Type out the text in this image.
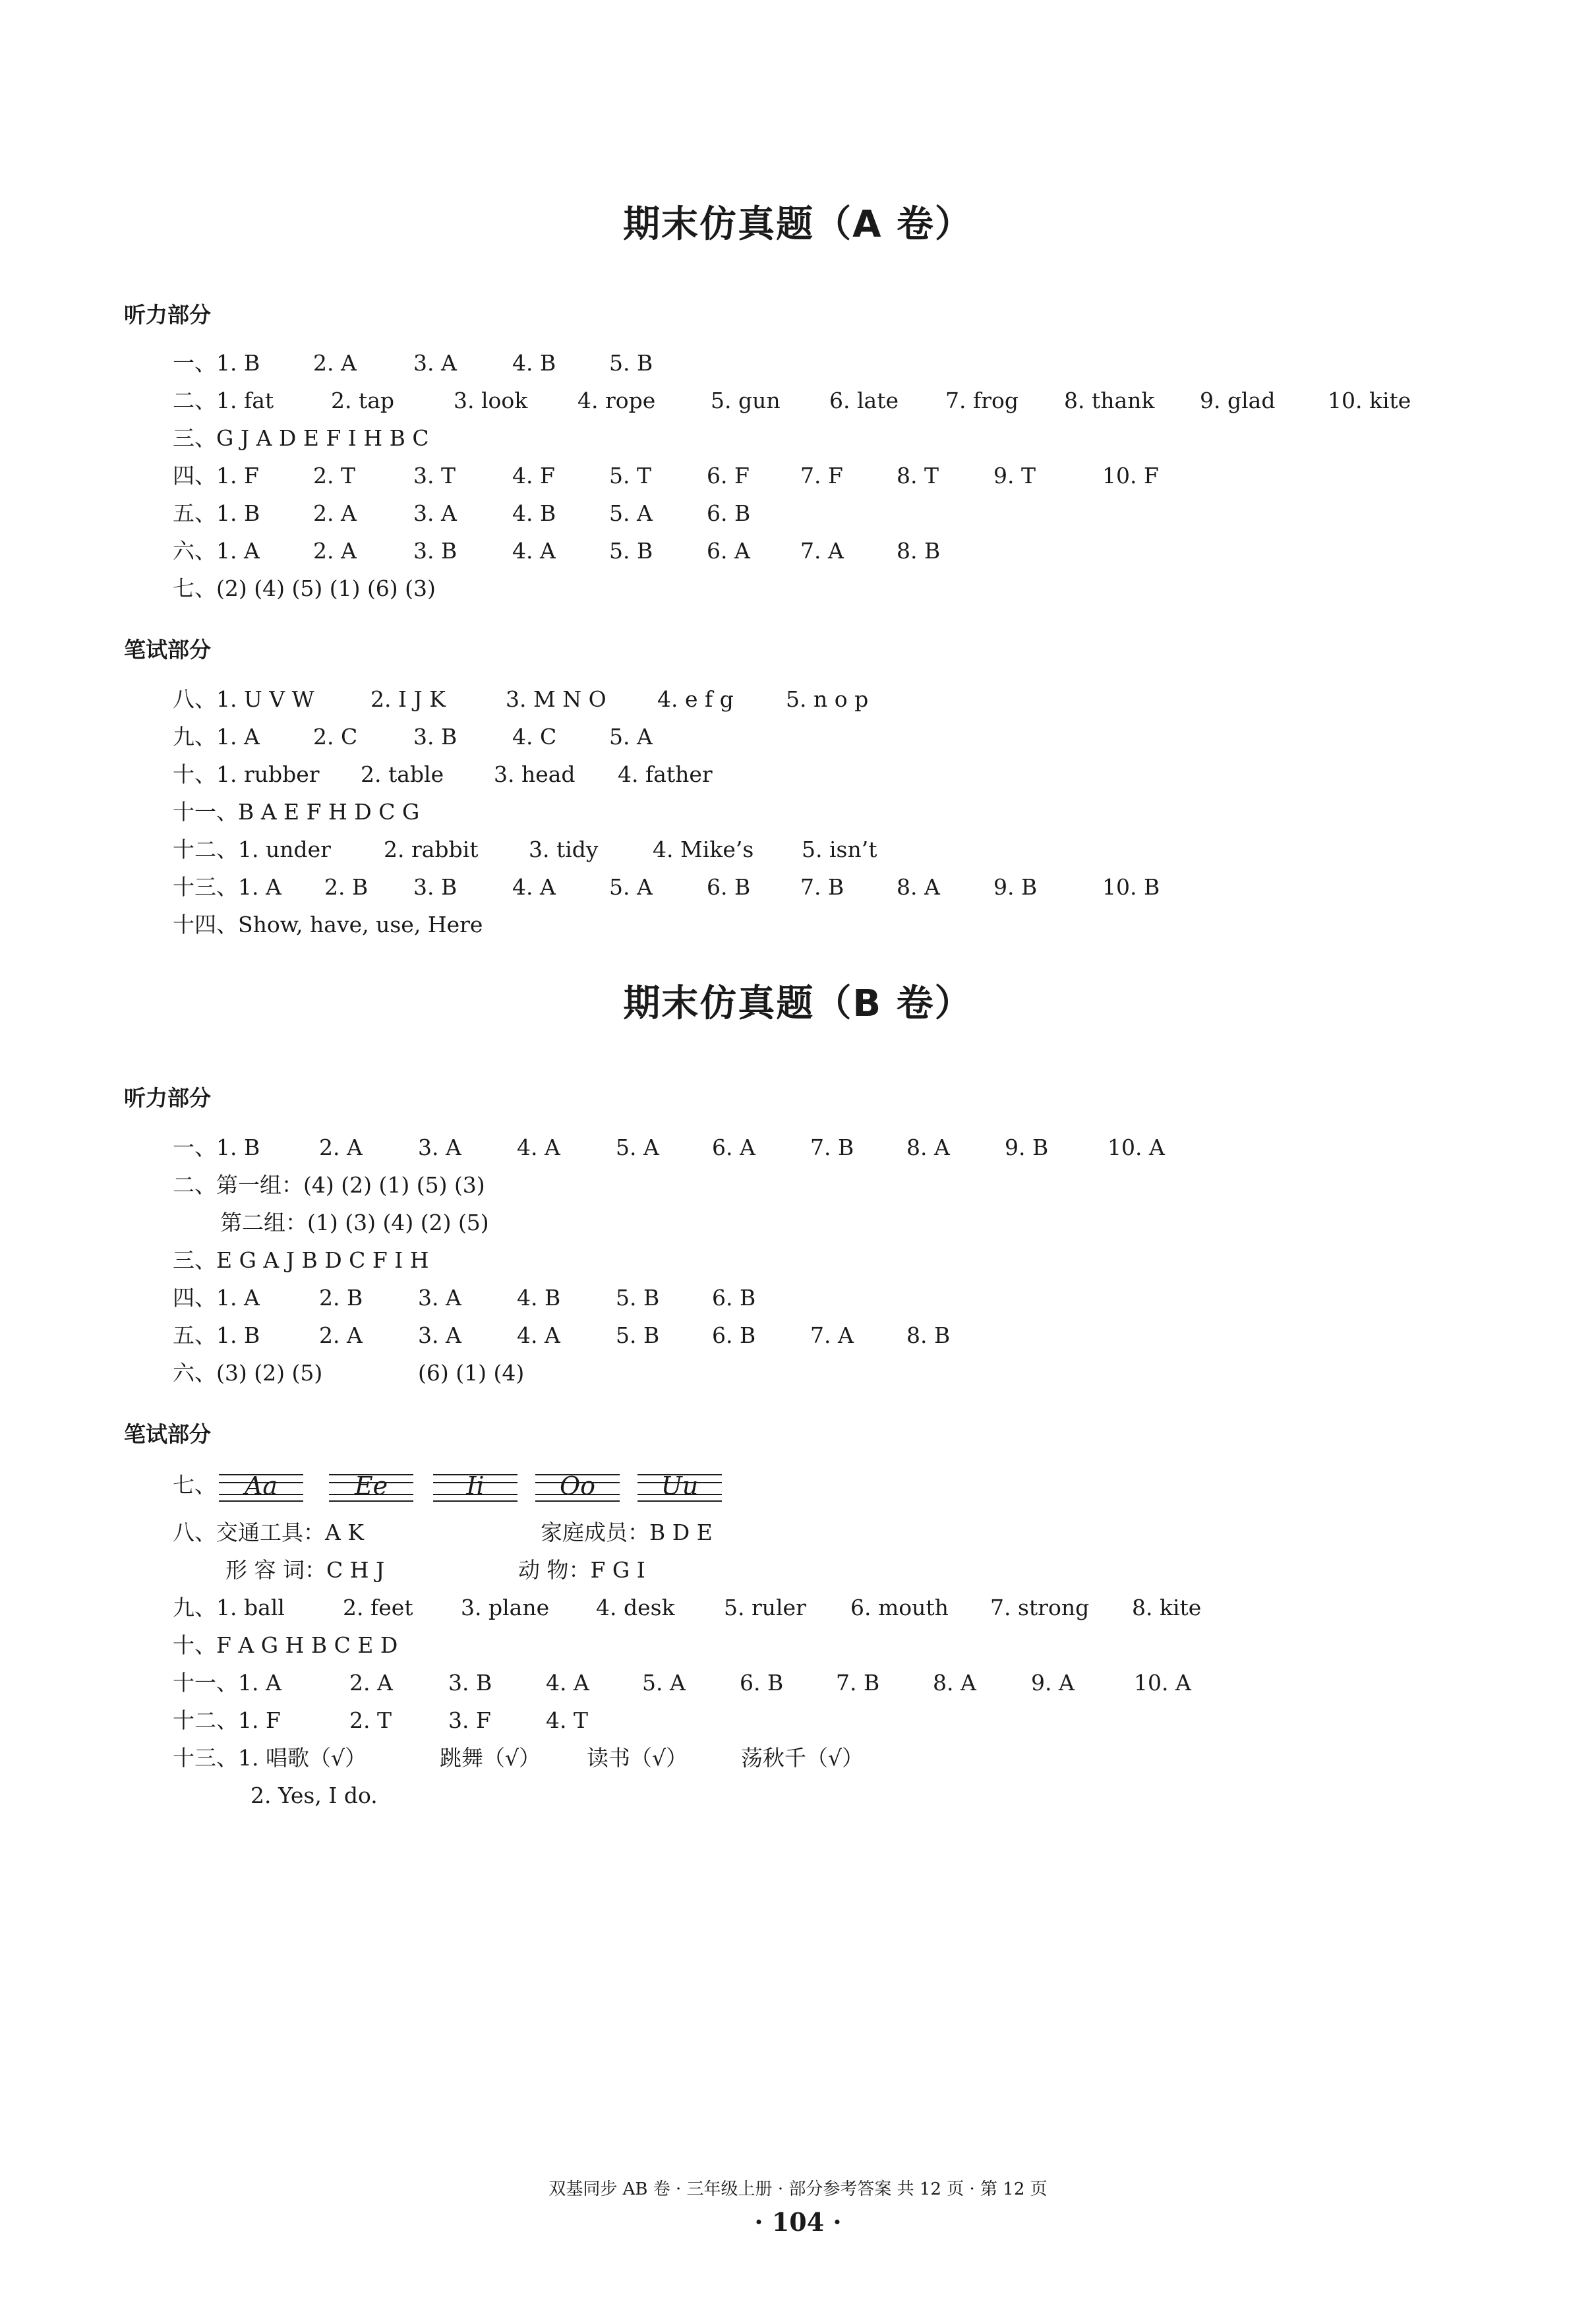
期末仿真题（A 卷）
听力部分
一、1. B 2. A	3. A	4. B 5. B
二、1. fat	2. tap	3. look 4. rope	5. gun 6. late 7. frog 8. thank 9. glad 10. kite
三、G J A D E F I H B C
四、1. F 2. T	3. T	4. F 5. T	6. F 7. F 8. T	9. T	10. F
五、1. B 2. A	3. A	4. B 5. A 6. B
六、1. A 2. A	3. B	4. A 5. B 6. A 7. A 8. B
七、(2) (4) (5) (1) (6) (3)
笔试部分
八、1. U V W	2. I J K	3. M N O 4. e f g 5. n o p
九、1. A 2. C	3. B	4. C 5. A
十、1. rubber 2. table 3. head 4. father
十一、B A E F H D C G
十二、1. under 2. rabbit 3. tidy 4. Mike’s 5. isn’t
十三、1. A 2. B 3. B	4. A 5. A 6. B 7. B 8. A 9. B	10. B
十四、Show, have, use, Here
期末仿真题（B 卷）
听力部分
一、1. B	2. A	3. A	4. A	5. A 6. A	7. B 8. A	9. B	10. A
二、第一组：(4) (2) (1) (5) (3)
第二组：(1) (3) (4) (2) (5)
三、E G A J B D C F I H
四、1. A	2. B	3. A	4. B	5. B 6. B
五、1. B	2. A	3. A	4. A	5. B 6. B	7. A 8. B
六、(3) (2) (5)	(6) (1) (4)
笔试部分
七、	Aa	Ee	Ii	Oo	Uu
八、交通工具：A K	家庭成员：B D E
形 容 词：C H J	动 物：F G I
九、1. ball	2. feet 3. plane 4. desk 5. ruler 6. mouth 7. strong 8. kite
十、F A G H B C E D
十一、1. A	2. A	3. B 4. A 5. A 6. B 7. B 8. A	9. A	10. A
十二、1. F	2. T	3. F	4. T
十三、1. 唱歌（√）	跳舞（√） 读书（√） 荡秋千（√）
2. Yes, I do.
双基同步 AB 卷 · 三年级上册 · 部分参考答案 共 12 页 · 第 12 页
· 104 ·
